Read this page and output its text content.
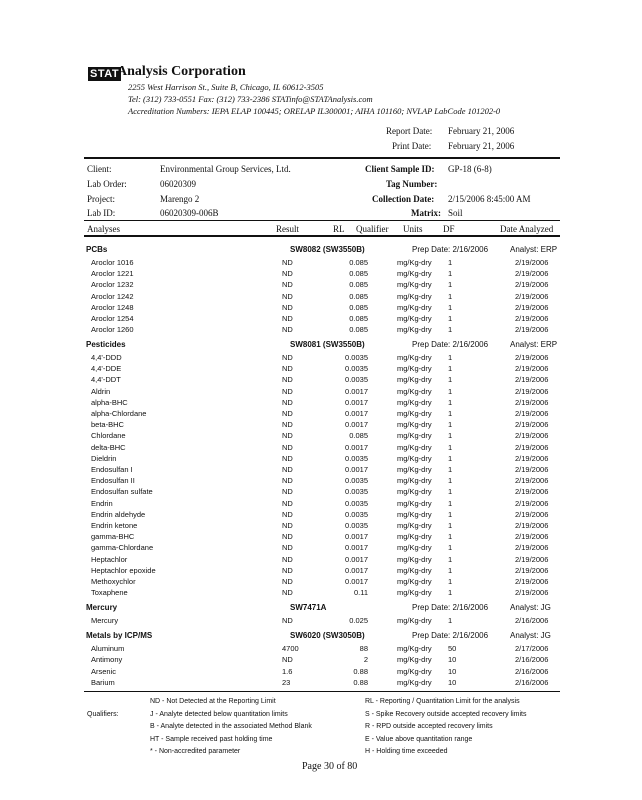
STAT
Analysis Corporation
2255 West Harrison St., Suite B, Chicago, IL 60612-3505
Tel: (312) 733-0551 Fax: (312) 733-2386 STATinfo@STATAnalysis.com
Accreditation Numbers: IEPA ELAP 100445; ORELAP IL300001; AIHA 101160; NVLAP LabCode 101202-0
Report Date: February 21, 2006
Print Date: February 21, 2006
Client:	Environmental Group Services, Ltd.
Lab Order:	06020309
Project:	Marengo 2
Lab ID:	06020309-006B
Client Sample ID: GP-18 (6-8)
Tag Number:
Collection Date: 2/15/2006 8:45:00 AM
Matrix: Soil
Analyses	Result	RL Qualifier Units DF	Date Analyzed
PCBs	SW8082 (SW3550B)	Prep Date: 2/16/2006	Analyst: ERP
Aroclor 1016	ND	0.085	mg/Kg-dry 1	2/19/2006
Aroclor 1221	ND	0.085	mg/Kg-dry 1	2/19/2006
Aroclor 1232	ND	0.085	mg/Kg-dry 1	2/19/2006
Aroclor 1242	ND	0.085	mg/Kg-dry 1	2/19/2006
Aroclor 1248	ND	0.085	mg/Kg-dry 1	2/19/2006
Aroclor 1254	ND	0.085	mg/Kg-dry 1	2/19/2006
Aroclor 1260	ND	0.085	mg/Kg-dry 1	2/19/2006
Pesticides	SW8081 (SW3550B)	Prep Date: 2/16/2006	Analyst: ERP
4,4'-DDD	ND	0.0035	mg/Kg-dry 1	2/19/2006
4,4'-DDE	ND	0.0035	mg/Kg-dry 1	2/19/2006
4,4'-DDT	ND	0.0035	mg/Kg-dry 1	2/19/2006
Aldrin	ND	0.0017	mg/Kg-dry 1	2/19/2006
alpha-BHC	ND	0.0017	mg/Kg-dry 1	2/19/2006
alpha-Chlordane	ND	0.0017	mg/Kg-dry 1	2/19/2006
beta-BHC	ND	0.0017	mg/Kg-dry 1	2/19/2006
Chlordane	ND	0.085	mg/Kg-dry 1	2/19/2006
delta-BHC	ND	0.0017	mg/Kg-dry 1	2/19/2006
Dieldrin	ND	0.0035	mg/Kg-dry 1	2/19/2006
Endosulfan I	ND	0.0017	mg/Kg-dry 1	2/19/2006
Endosulfan II	ND	0.0035	mg/Kg-dry 1	2/19/2006
Endosulfan sulfate	ND	0.0035	mg/Kg-dry 1	2/19/2006
Endrin	ND	0.0035	mg/Kg-dry 1	2/19/2006
Endrin aldehyde	ND	0.0035	mg/Kg-dry 1	2/19/2006
Endrin ketone	ND	0.0035	mg/Kg-dry 1	2/19/2006
gamma-BHC	ND	0.0017	mg/Kg-dry 1	2/19/2006
gamma-Chlordane	ND	0.0017	mg/Kg-dry 1	2/19/2006
Heptachlor	ND	0.0017	mg/Kg-dry 1	2/19/2006
Heptachlor epoxide	ND	0.0017	mg/Kg-dry 1	2/19/2006
Methoxychlor	ND	0.0017	mg/Kg-dry 1	2/19/2006
Toxaphene	ND	0.11	mg/Kg-dry 1	2/19/2006
Mercury	SW7471A	Prep Date: 2/16/2006	Analyst: JG
Mercury	ND	0.025	mg/Kg-dry 1	2/16/2006
Metals by ICP/MS	SW6020 (SW3050B)	Prep Date: 2/16/2006	Analyst: JG
Aluminum	4700	88	mg/Kg-dry 50	2/17/2006
Antimony	ND	2	mg/Kg-dry 10	2/16/2006
Arsenic	1.6	0.88	mg/Kg-dry 10	2/16/2006
Barium	23	0.88	mg/Kg-dry 10	2/16/2006
Qualifiers:
ND - Not Detected at the Reporting Limit
J - Analyte detected below quantitation limits
B - Analyte detected in the associated Method Blank
HT - Sample received past holding time
* - Non-accredited parameter
RL - Reporting / Quantitation Limit for the analysis
S - Spike Recovery outside accepted recovery limits
R - RPD outside accepted recovery limits
E - Value above quantitation range
H - Holding time exceeded
Page 30 of 80
